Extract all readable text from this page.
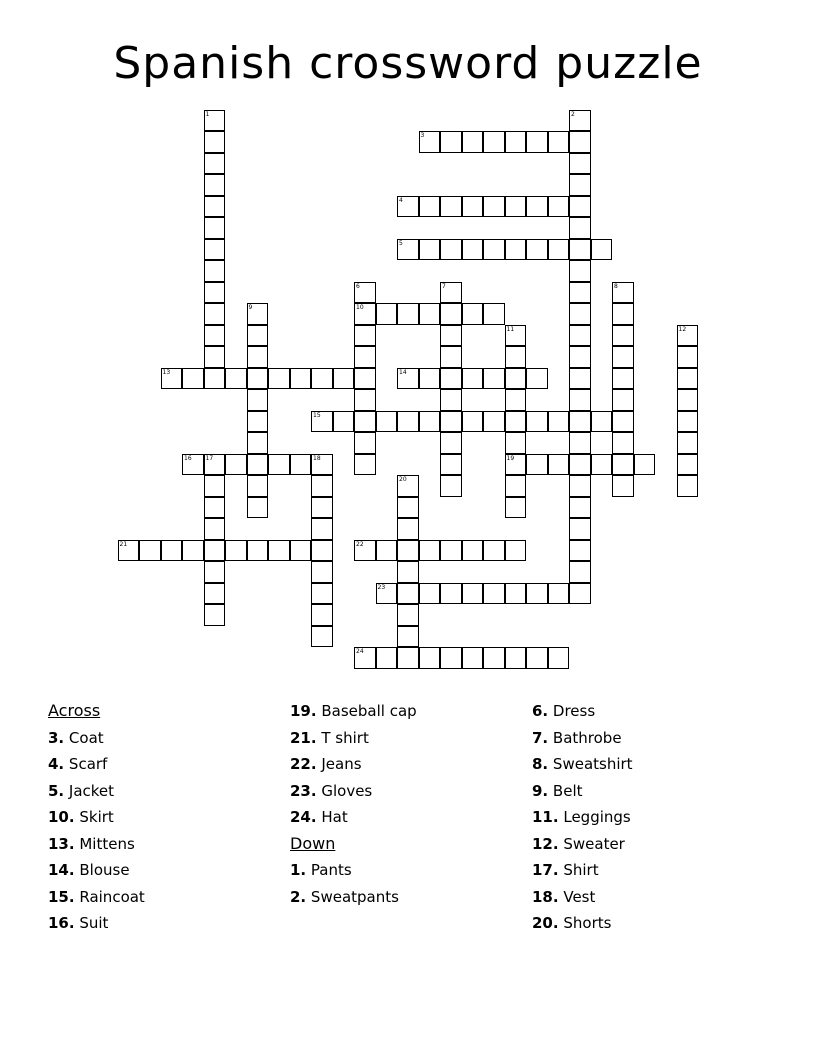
Spanish crossword puzzle
1	2
3
4
5
6
10
7	8
9
11
19
12
13	14
15
16 17	18
20
21	22
23
24
Across
3. Coat
4. Scarf
5. Jacket
10. Skirt
13. Mittens
14. Blouse
15. Raincoat
16. Suit
19. Baseball cap
21. T shirt
22. Jeans
23. Gloves
24. Hat
Down
1. Pants
2. Sweatpants
6. Dress
7. Bathrobe
8. Sweatshirt
9. Belt
11. Leggings
12. Sweater
17. Shirt
18. Vest
20. Shorts
